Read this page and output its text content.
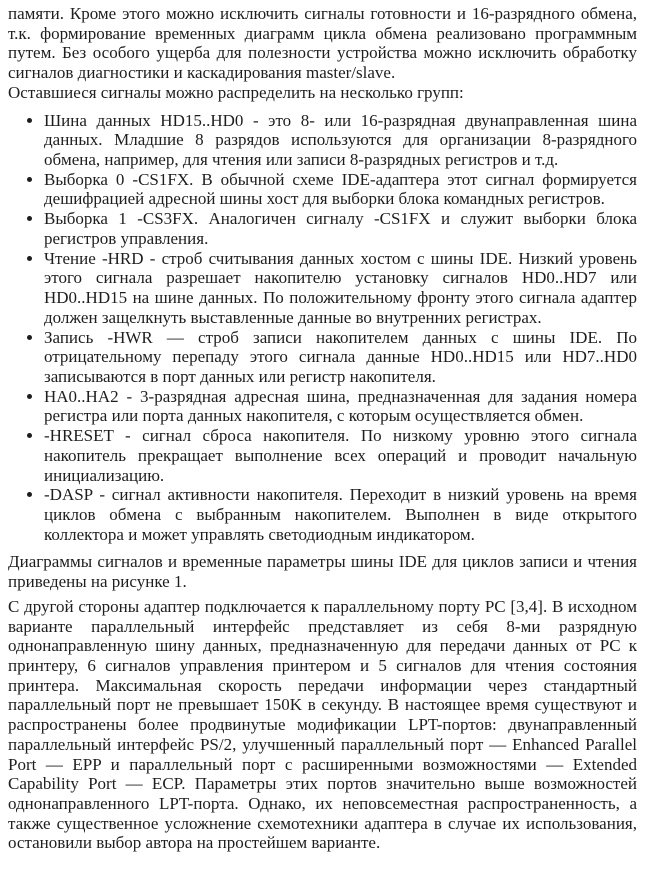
памяти. Кроме этого можно исключить сигналы готовности и 16-разрядного обмена, т.к. формирование временных диаграмм цикла обмена реализовано программным путем. Без особого ущерба для полезности устройства можно исключить обработку сигналов диагностики и каскадирования master/slave.

Оставшиеся сигналы можно распределить на несколько групп:

• Шина данных HD15..HD0 - это 8- или 16-разрядная двунаправленная шина данных. Младшие 8 разрядов используются для организации 8-разрядного обмена, например, для чтения или записи 8-разрядных регистров и т.д.
• Выборка 0 -CS1FX. В обычной схеме IDE-адаптера этот сигнал формируется дешифрацией адресной шины хост для выборки блока командных регистров.
• Выборка 1 -CS3FX. Аналогичен сигналу -CS1FX и служит выборки блока регистров управления.
• Чтение -HRD - строб считывания данных хостом с шины IDE. Низкий уровень этого сигнала разрешает накопителю установку сигналов HD0..HD7 или HD0..HD15 на шине данных. По положительному фронту этого сигнала адаптер должен защелкнуть выставленные данные во внутренних регистрах.
• Запись -HWR — строб записи накопителем данных с шины IDE. По отрицательному перепаду этого сигнала данные HD0..HD15 или HD7..HD0 записываются в порт данных или регистр накопителя.
• HA0..HA2 - 3-разрядная адресная шина, предназначенная для задания номера регистра или порта данных накопителя, с которым осуществляется обмен.
• -HRESET - сигнал сброса накопителя. По низкому уровню этого сигнала накопитель прекращает выполнение всех операций и проводит начальную инициализацию.
• -DASP - сигнал активности накопителя. Переходит в низкий уровень на время циклов обмена с выбранным накопителем. Выполнен в виде открытого коллектора и может управлять светодиодным индикатором.

Диаграммы сигналов и временные параметры шины IDE для циклов записи и чтения приведены на рисунке 1.

С другой стороны адаптер подключается к параллельному порту PC [3,4]. В исходном варианте параллельный интерфейс представляет из себя 8-ми разрядную однонаправленную шину данных, предназначенную для передачи данных от PC к принтеру, 6 сигналов управления принтером и 5 сигналов для чтения состояния принтера. Максимальная скорость передачи информации через стандартный параллельный порт не превышает 150K в секунду. В настоящее время существуют и распространены более продвинутые модификации LPT-портов: двунаправленный параллельный интерфейс PS/2, улучшенный параллельный порт — Enhanced Parallel Port — EPP и параллельный порт с расширенными возможностями — Extended Capability Port — ECP. Параметры этих портов значительно выше возможностей однонаправленного LPT-порта. Однако, их неповсеместная распространенность, а также существенное усложнение схемотехники адаптера в случае их использования, остановили выбор автора на простейшем варианте.
